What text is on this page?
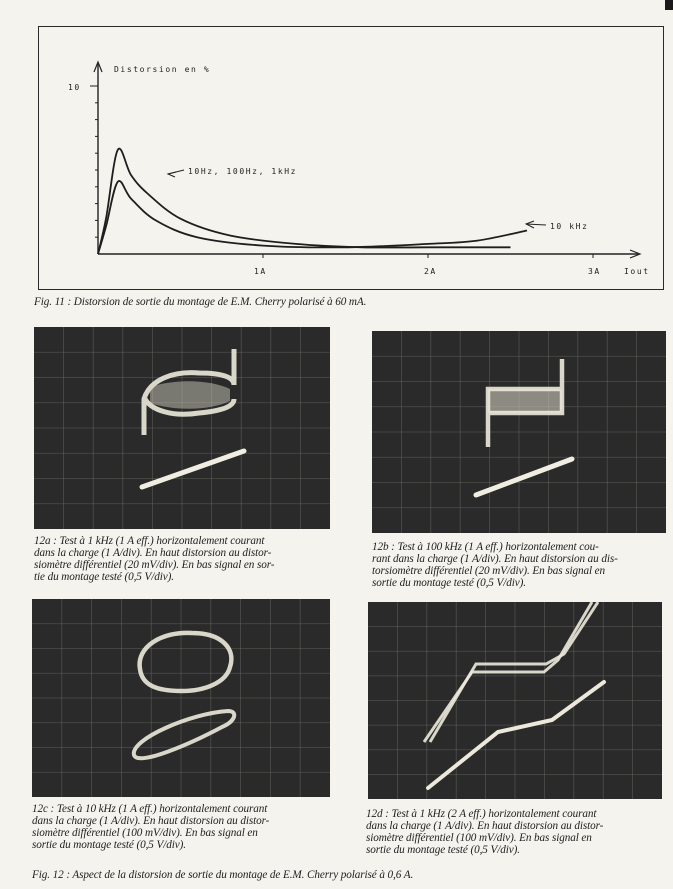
Distorsion en %
10
1A	2A	3A	Iout
10Hz, 100Hz, 1kHz
10 kHz
Fig. 11 : Distorsion de sortie du montage de E.M. Cherry polarisé à 60 mA.
12a : Test à 1 kHz (1 A eff.) horizontalement courant
dans la charge (1 A/div). En haut distorsion au distor-
siomètre différentiel (20 mV/div). En bas signal en sor-
tie du montage testé (0,5 V/div).
12b : Test à 100 kHz (1 A eff.) horizontalement cou-
rant dans la charge (1 A/div). En haut distorsion au dis-
torsiomètre différentiel (20 mV/div). En bas signal en
sortie du montage testé (0,5 V/div).
12c : Test à 10 kHz (1 A eff.) horizontalement courant
dans la charge (1 A/div). En haut distorsion au distor-
siomètre différentiel (100 mV/div). En bas signal en
sortie du montage testé (0,5 V/div).
12d : Test à 1 kHz (2 A eff.) horizontalement courant
dans la charge (1 A/div). En haut distorsion au distor-
siomètre différentiel (100 mV/div). En bas signal en
sortie du montage testé (0,5 V/div).
Fig. 12 : Aspect de la distorsion de sortie du montage de E.M. Cherry polarisé à 0,6 A.
